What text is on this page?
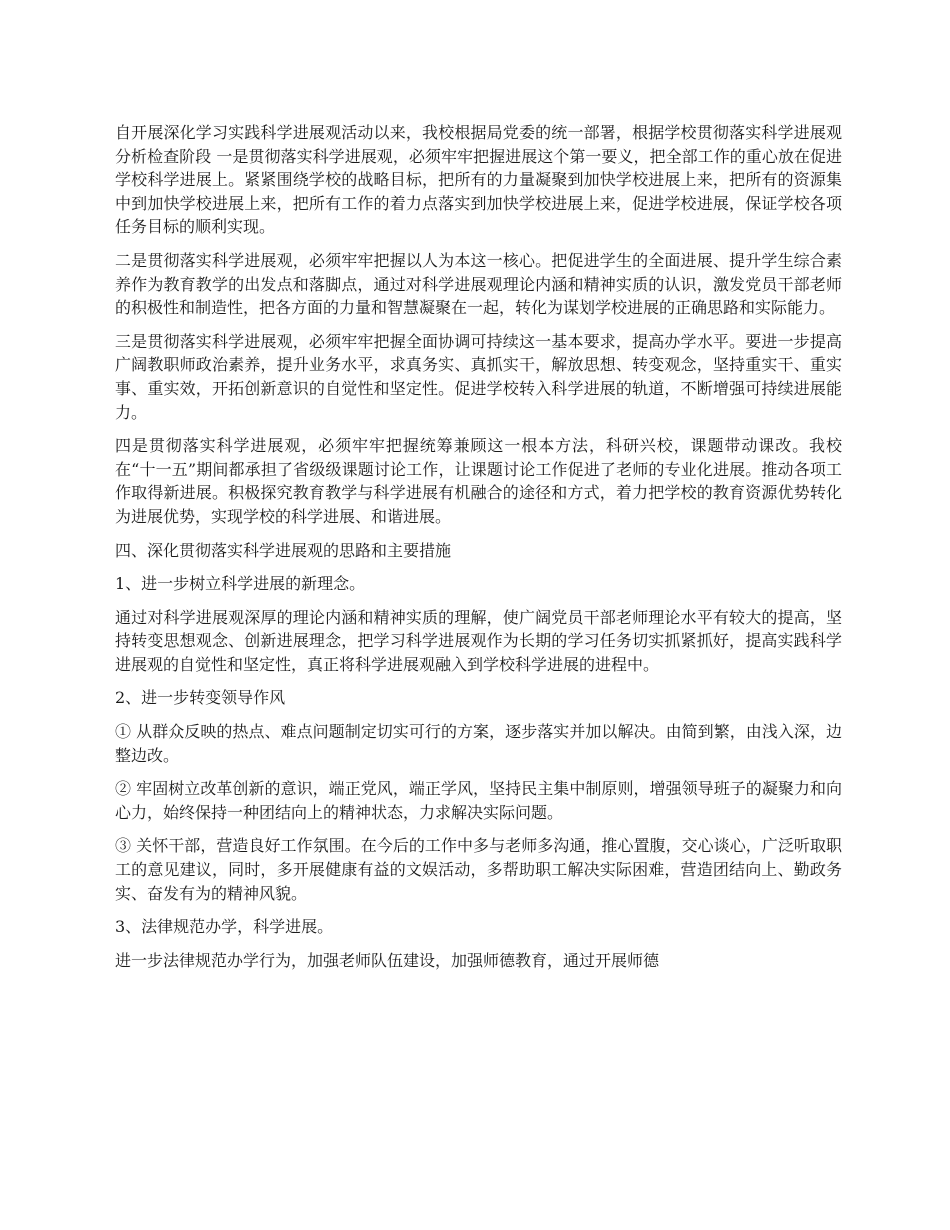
自开展深化学习实践科学进展观活动以来，我校根据局党委的统一部署，根据学校贯彻落实科学进展观分析检查阶段 一是贯彻落实科学进展观，必须牢牢把握进展这个第一要义，把全部工作的重心放在促进学校科学进展上。紧紧围绕学校的战略目标，把所有的力量凝聚到加快学校进展上来，把所有的资源集中到加快学校进展上来，把所有工作的着力点落实到加快学校进展上来，促进学校进展，保证学校各项任务目标的顺利实现。

二是贯彻落实科学进展观，必须牢牢把握以人为本这一核心。把促进学生的全面进展、提升学生综合素养作为教育教学的出发点和落脚点，通过对科学进展观理论内涵和精神实质的认识，激发党员干部老师的积极性和制造性，把各方面的力量和智慧凝聚在一起，转化为谋划学校进展的正确思路和实际能力。

三是贯彻落实科学进展观，必须牢牢把握全面协调可持续这一基本要求，提高办学水平。要进一步提高广阔教职师政治素养，提升业务水平，求真务实、真抓实干，解放思想、转变观念，坚持重实干、重实事、重实效，开拓创新意识的自觉性和坚定性。促进学校转入科学进展的轨道，不断增强可持续进展能力。

四是贯彻落实科学进展观，必须牢牢把握统筹兼顾这一根本方法，科研兴校，课题带动课改。我校在“十一五”期间都承担了省级级课题讨论工作，让课题讨论工作促进了老师的专业化进展。推动各项工作取得新进展。积极探究教育教学与科学进展有机融合的途径和方式，着力把学校的教育资源优势转化为进展优势，实现学校的科学进展、和谐进展。

四、深化贯彻落实科学进展观的思路和主要措施

1、进一步树立科学进展的新理念。

通过对科学进展观深厚的理论内涵和精神实质的理解，使广阔党员干部老师理论水平有较大的提高，坚持转变思想观念、创新进展理念，把学习科学进展观作为长期的学习任务切实抓紧抓好，提高实践科学进展观的自觉性和坚定性，真正将科学进展观融入到学校科学进展的进程中。

2、进一步转变领导作风

① 从群众反映的热点、难点问题制定切实可行的方案，逐步落实并加以解决。由简到繁，由浅入深，边整边改。

② 牢固树立改革创新的意识，端正党风，端正学风，坚持民主集中制原则，增强领导班子的凝聚力和向心力，始终保持一种团结向上的精神状态，力求解决实际问题。

③ 关怀干部，营造良好工作氛围。在今后的工作中多与老师多沟通，推心置腹，交心谈心，广泛听取职工的意见建议，同时，多开展健康有益的文娱活动，多帮助职工解决实际困难，营造团结向上、勤政务实、奋发有为的精神风貌。

3、法律规范办学，科学进展。

进一步法律规范办学行为，加强老师队伍建设，加强师德教育，通过开展师德
